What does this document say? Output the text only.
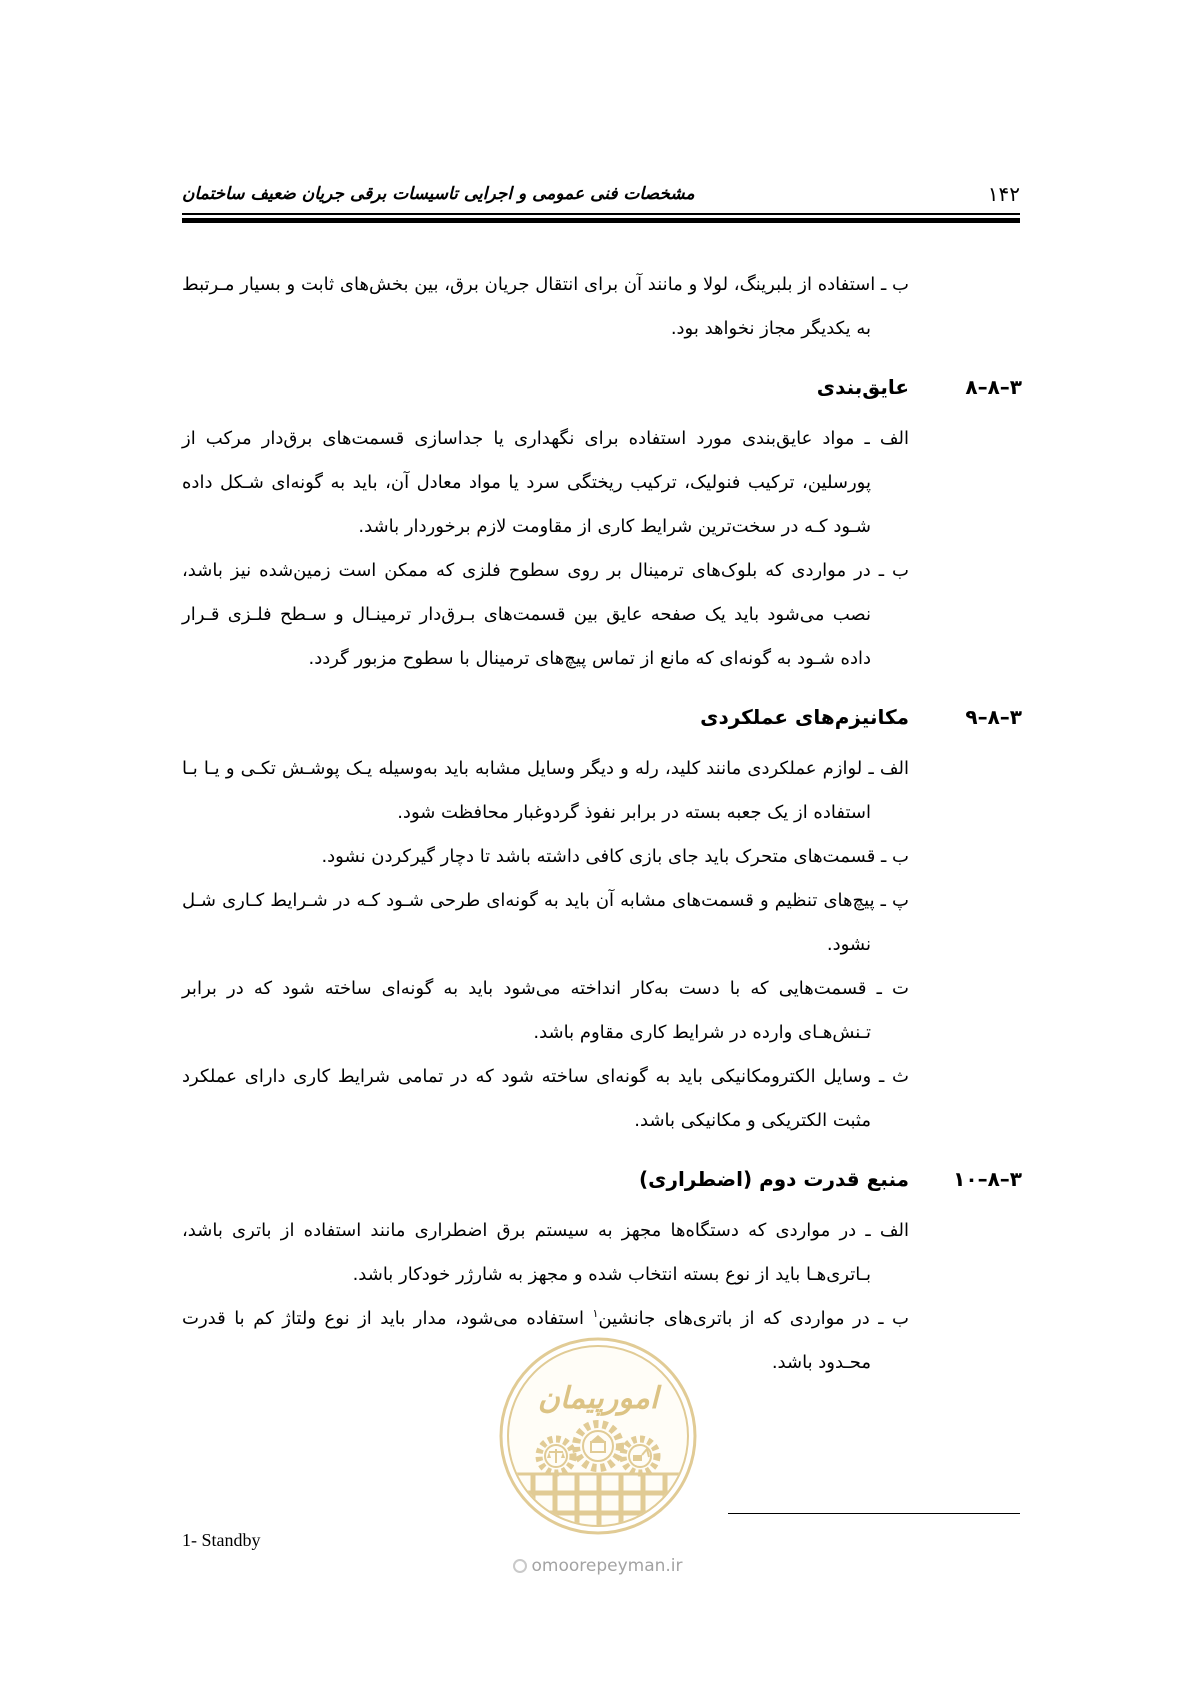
امورپیمان
۱۴۲
مشخصات فنی عمومی و اجرایی تاسیسات برقی جریان ضعیف ساختمان
ب ـ استفاده از بلبرینگ، لولا و مانند آن برای انتقال جریان برق، بین بخش‌های ثابت و بسیار مـرتبط به یکدیگر مجاز نخواهد بود.
۳–۸–۸
عایق‌بندی
الف ـ مواد عایق‌بندی مورد استفاده برای نگهداری یا جداسازی قسمت‌های برق‌دار مرکب از پورسلین، ترکیب فنولیک، ترکیب ریختگی سرد یا مواد معادل آن، باید به گونه‌ای شـکل داده شـود کـه در سخت‌ترین شرایط کاری از مقاومت لازم برخوردار باشد.
ب ـ در مواردی که بلوک‌های ترمینال بر روی سطوح فلزی که ممکن است زمین‌شده نیز باشد، نصب می‌شود باید یک صفحه عایق بین قسمت‌های بـرق‌دار ترمینـال و سـطح فلـزی قـرار داده شـود به گونه‌ای که مانع از تماس پیچ‌های ترمینال با سطوح مزبور گردد.
۳–۸–۹
مکانیزم‌های عملکردی
الف ـ لوازم عملکردی مانند کلید، رله و دیگر وسایل مشابه باید به‌وسیله یـک پوشـش تکـی و یـا بـا استفاده از یک جعبه بسته در برابر نفوذ گردوغبار محافظت شود.
ب ـ قسمت‌های متحرک باید جای بازی کافی داشته باشد تا دچار گیرکردن نشود.
پ ـ پیچ‌های تنظیم و قسمت‌های مشابه آن باید به گونه‌ای طرحی شـود کـه در شـرایط کـاری شـل نشود.
ت ـ قسمت‌هایی که با دست به‌کار انداخته می‌شود باید به گونه‌ای ساخته شود که در برابر تـنش‌هـای وارده در شرایط کاری مقاوم باشد.
ث ـ وسایل الکترومکانیکی باید به گونه‌ای ساخته شود که در تمامی شرایط کاری دارای عملکرد مثبت الکتریکی و مکانیکی باشد.
۳–۸–۱۰
منبع قدرت دوم (اضطراری)
الف ـ در مواردی که دستگاه‌ها مجهز به سیستم برق اضطراری مانند استفاده از باتری باشد، بـاتری‌هـا باید از نوع بسته انتخاب شده و مجهز به شارژر خودکار باشد.
ب ـ در مواردی که از باتری‌های جانشین$^۱$ استفاده می‌شود، مدار باید از نوع ولتاژ کم با قدرت محـدود باشد.
1- Standby
omoorepeyman.ir
